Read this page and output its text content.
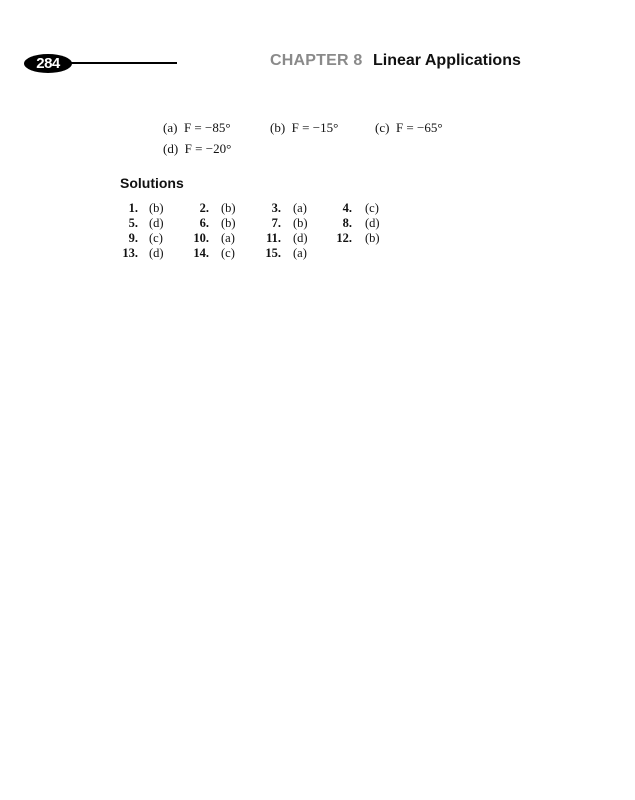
284	CHAPTER 8 Linear Applications

(a) F = −85°
	(b) F = −15°
	(c) F = −65°

(d) F = −20°

Solutions
1. (b)	2. (b)	3. (a)	4. (c)
5. (d)	6. (b)	7. (b)	8. (d)
9. (c)	10. (a)	11. (d)	12. (b)
13. (d)	14. (c)	15. (a)
